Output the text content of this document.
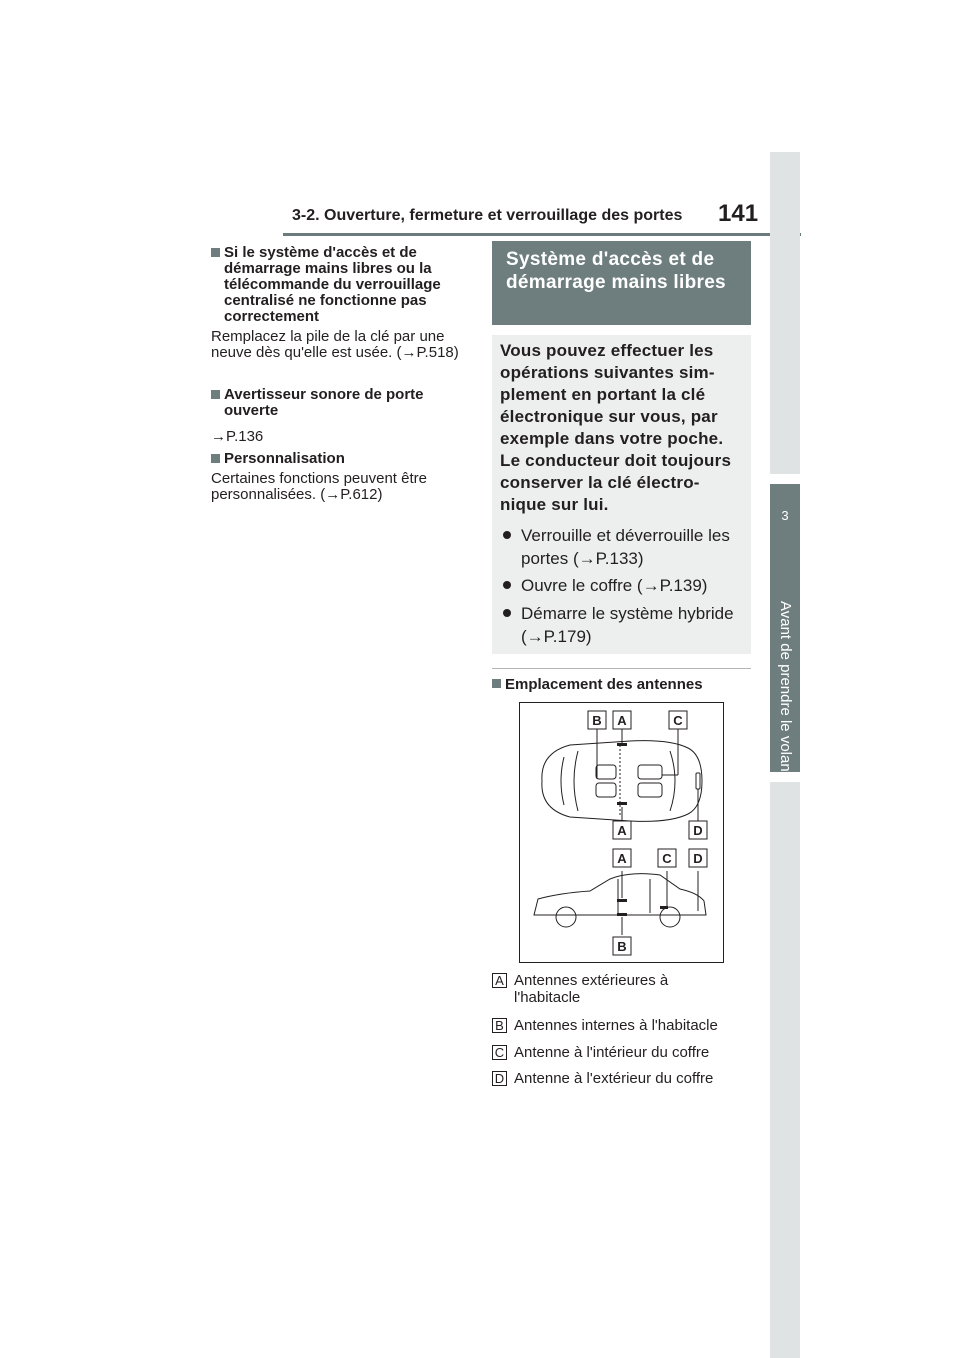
3-2. Ouverture, fermeture et verrouillage des portes 141
3
Avant de prendre le volant
Si le système d'accès et de démarrage mains libres ou la télécommande du verrouillage centralisé ne fonctionne pas correctement
Remplacez la pile de la clé par une neuve dès qu'elle est usée. (→P.518)
Avertisseur sonore de porte ouverte
→P.136
Personnalisation
Certaines fonctions peuvent être personnalisées. (→P.612)
Système d'accès et de démarrage mains libres
Vous pouvez effectuer les
opérations suivantes sim-
plement en portant la clé
électronique sur vous, par
exemple dans votre poche.
Le conducteur doit toujours
conserver la clé électro-
nique sur lui.
Verrouille et déverrouille les portes (→P.133)
Ouvre le coffre (→P.139)
Démarre le système hybride (→P.179)
Emplacement des antennes
B A	C
A	D
A	C D
B
A Antennes extérieures à l'habitacle
B Antennes internes à l'habitacle
C Antenne à l'intérieur du coffre
D Antenne à l'extérieur du coffre
